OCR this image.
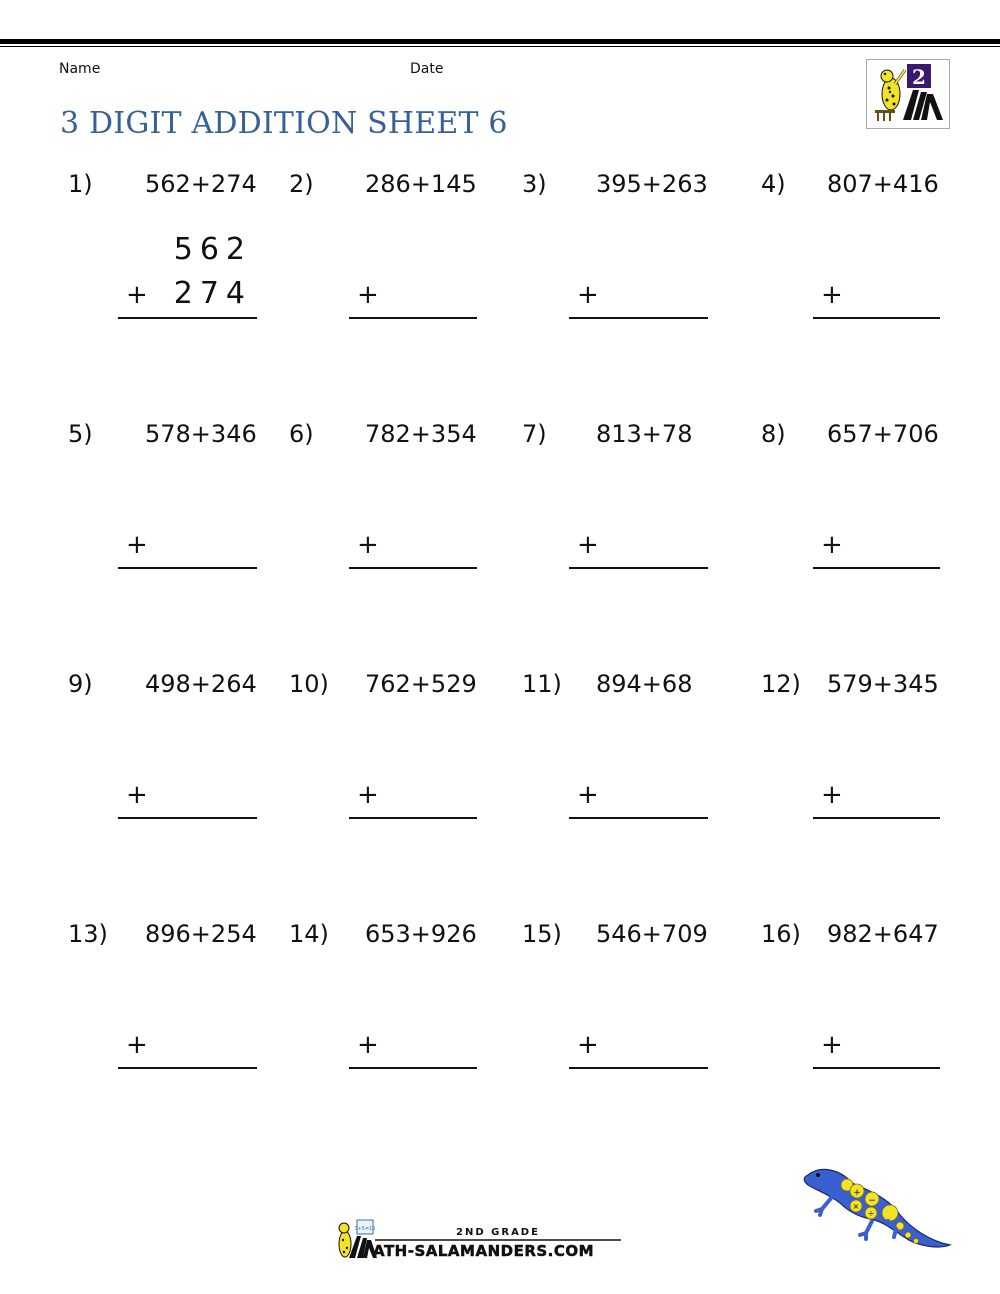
Name	Date
3 DIGIT ADDITION SHEET 6
2
1) 562+274
+
562
274
2) 286+145
+
3) 395+263
+
4) 807+416
+
5) 578+346
+
6) 782+354
+
7) 813+78
+
8) 657+706
+
9) 498+264
+
10) 762+529
+
11) 894+68
+
12) 579+345
+
13) 896+254
+
14) 653+926
+
15) 546+709
+
16) 982+647
+
3+5=15
ATH-SALAMANDERS.COM
2ND GRADE
+
−
×
÷
